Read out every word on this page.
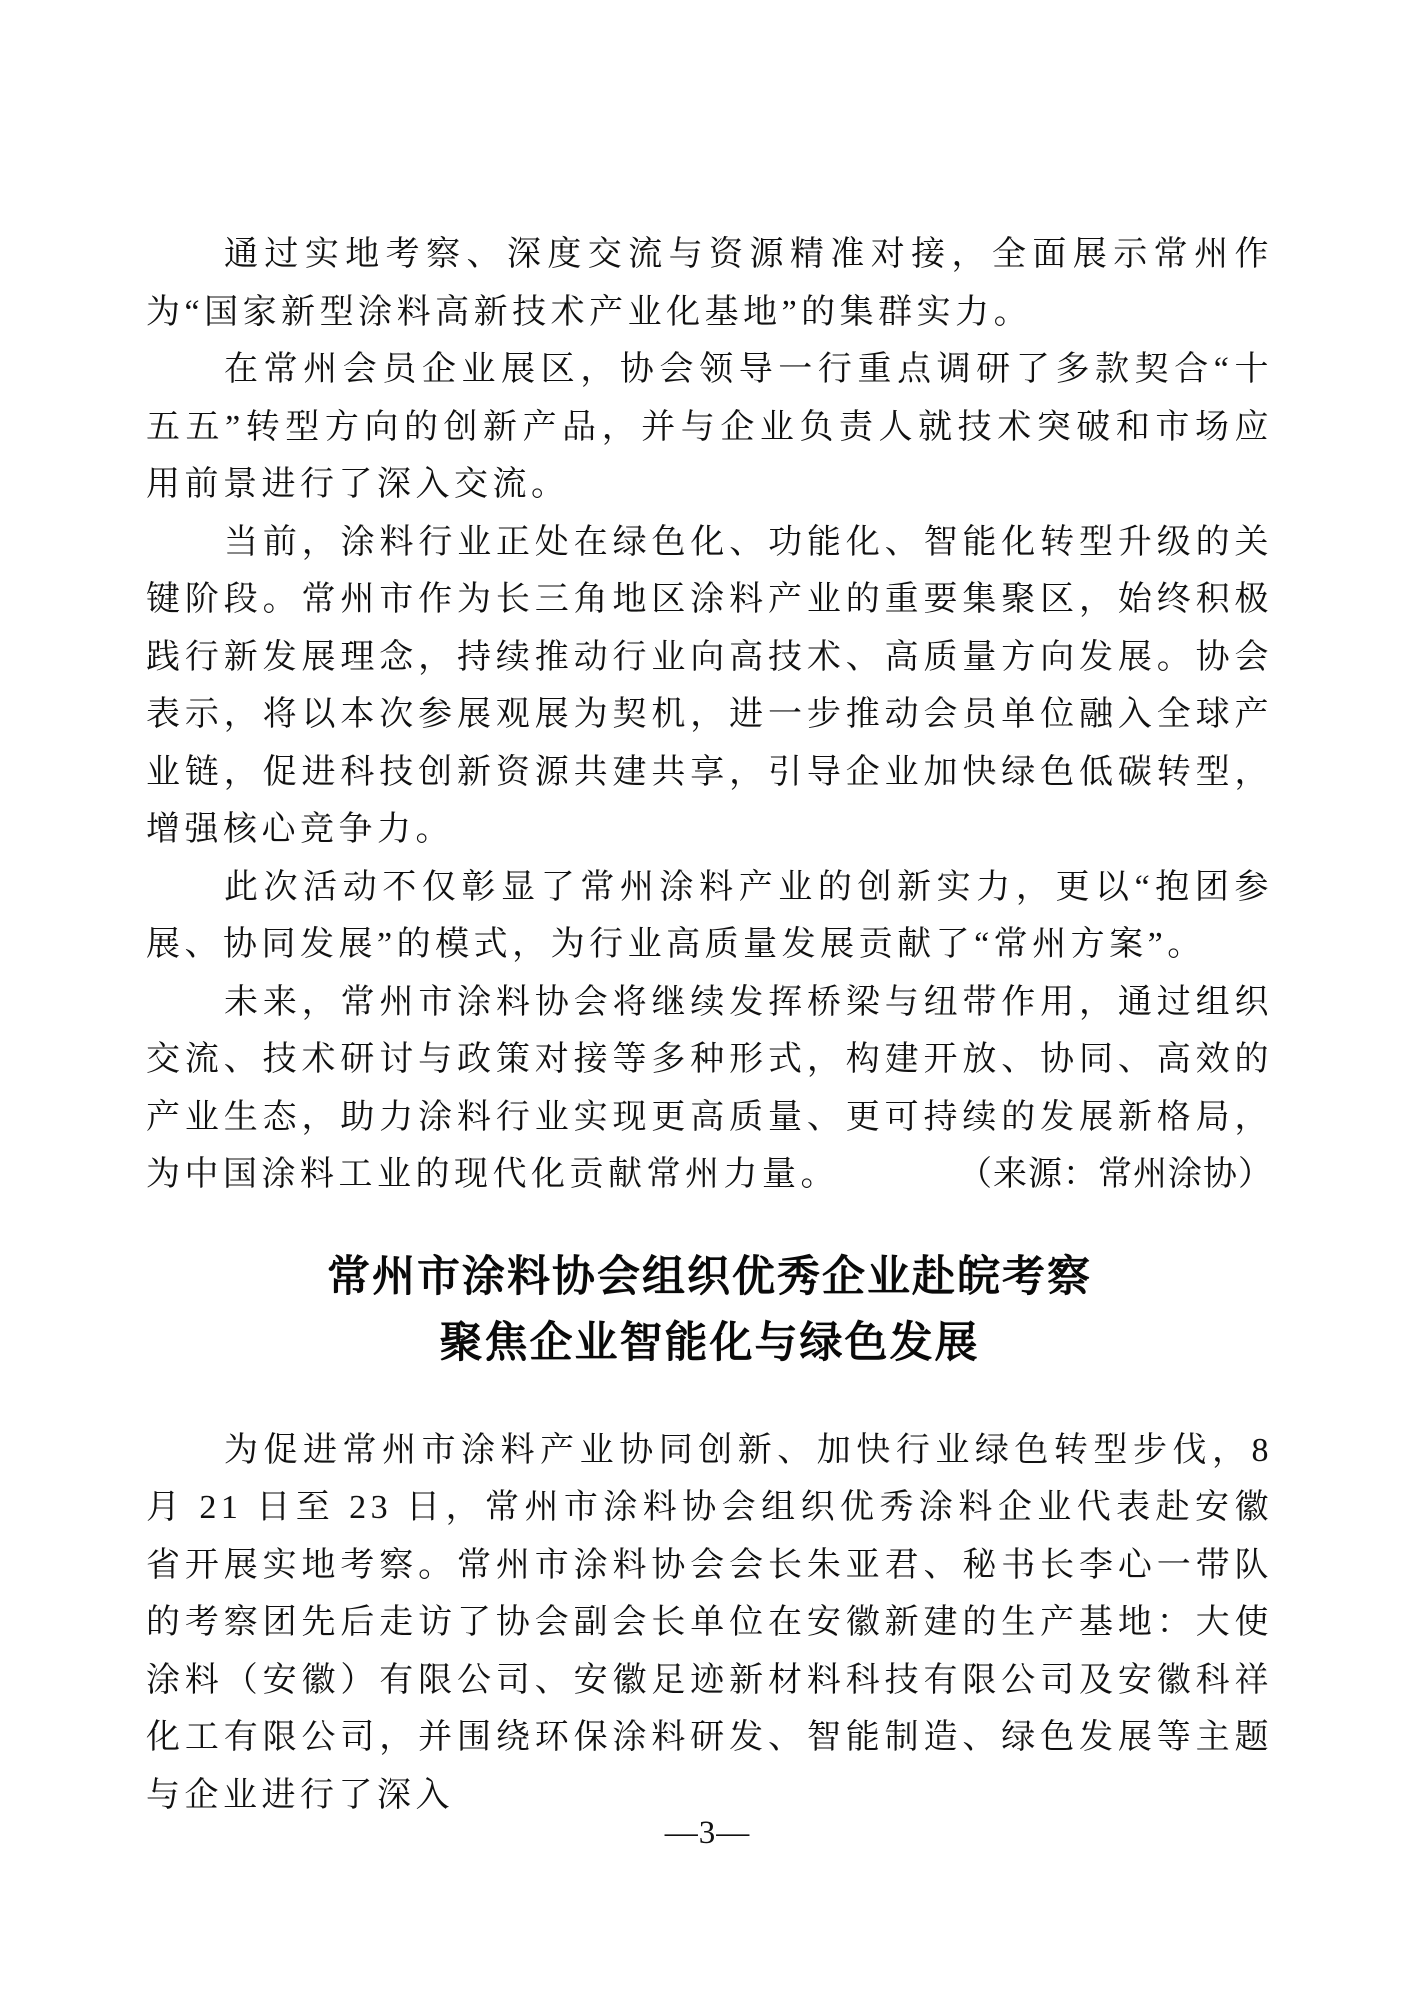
通过实地考察、深度交流与资源精准对接，全面展示常州作为“国家新型涂料高新技术产业化基地”的集群实力。

在常州会员企业展区，协会领导一行重点调研了多款契合“十五五”转型方向的创新产品，并与企业负责人就技术突破和市场应用前景进行了深入交流。

当前，涂料行业正处在绿色化、功能化、智能化转型升级的关键阶段。常州市作为长三角地区涂料产业的重要集聚区，始终积极践行新发展理念，持续推动行业向高技术、高质量方向发展。协会表示，将以本次参展观展为契机，进一步推动会员单位融入全球产业链，促进科技创新资源共建共享，引导企业加快绿色低碳转型，增强核心竞争力。

此次活动不仅彰显了常州涂料产业的创新实力，更以“抱团参展、协同发展”的模式，为行业高质量发展贡献了“常州方案”。

未来，常州市涂料协会将继续发挥桥梁与纽带作用，通过组织交流、技术研讨与政策对接等多种形式，构建开放、协同、高效的产业生态，助力涂料行业实现更高质量、更可持续的发展新格局，为中国涂料工业的现代化贡献常州力量。	（来源：常州涂协）

常州市涂料协会组织优秀企业赴皖考察
聚焦企业智能化与绿色发展

为促进常州市涂料产业协同创新、加快行业绿色转型步伐，8 月 21 日至 23 日，常州市涂料协会组织优秀涂料企业代表赴安徽省开展实地考察。常州市涂料协会会长朱亚君、秘书长李心一带队的考察团先后走访了协会副会长单位在安徽新建的生产基地：大使涂料（安徽）有限公司、安徽足迹新材料科技有限公司及安徽科祥化工有限公司，并围绕环保涂料研发、智能制造、绿色发展等主题与企业进行了深入

—3—
